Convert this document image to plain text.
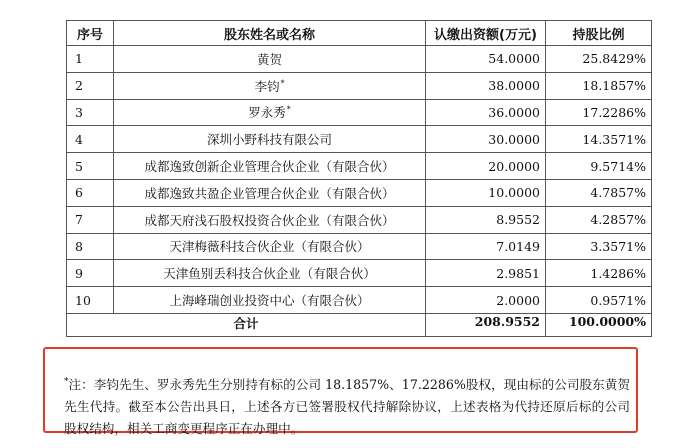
序号	股东姓名或名称	认缴出资额(万元)	持股比例
1	黄贺	54.0000	25.8429%
2	李钧*	38.0000	18.1857%
3	罗永秀*	36.0000	17.2286%
4	深圳小野科技有限公司	30.0000	14.3571%
5	成都逸致创新企业管理合伙企业（有限合伙）	20.0000	9.5714%
6	成都逸致共盈企业管理合伙企业（有限合伙）	10.0000	4.7857%
7	成都天府浅石股权投资合伙企业（有限合伙）	8.9552	4.2857%
8	天津梅薇科技合伙企业（有限合伙）	7.0149	3.3571%
9	天津鱼别丢科技合伙企业（有限合伙）	2.9851	1.4286%
10	上海峰瑞创业投资中心（有限合伙）	2.0000	0.9571%
合计		208.9552	100.0000%
*注：李钧先生、罗永秀先生分别持有标的公司 18.1857%、17.2286%股权，现由标的公司股东黄贺先生代持。截至本公告出具日，上述各方已签署股权代持解除协议，上述表格为代持还原后标的公司股权结构，相关工商变更程序正在办理中。
